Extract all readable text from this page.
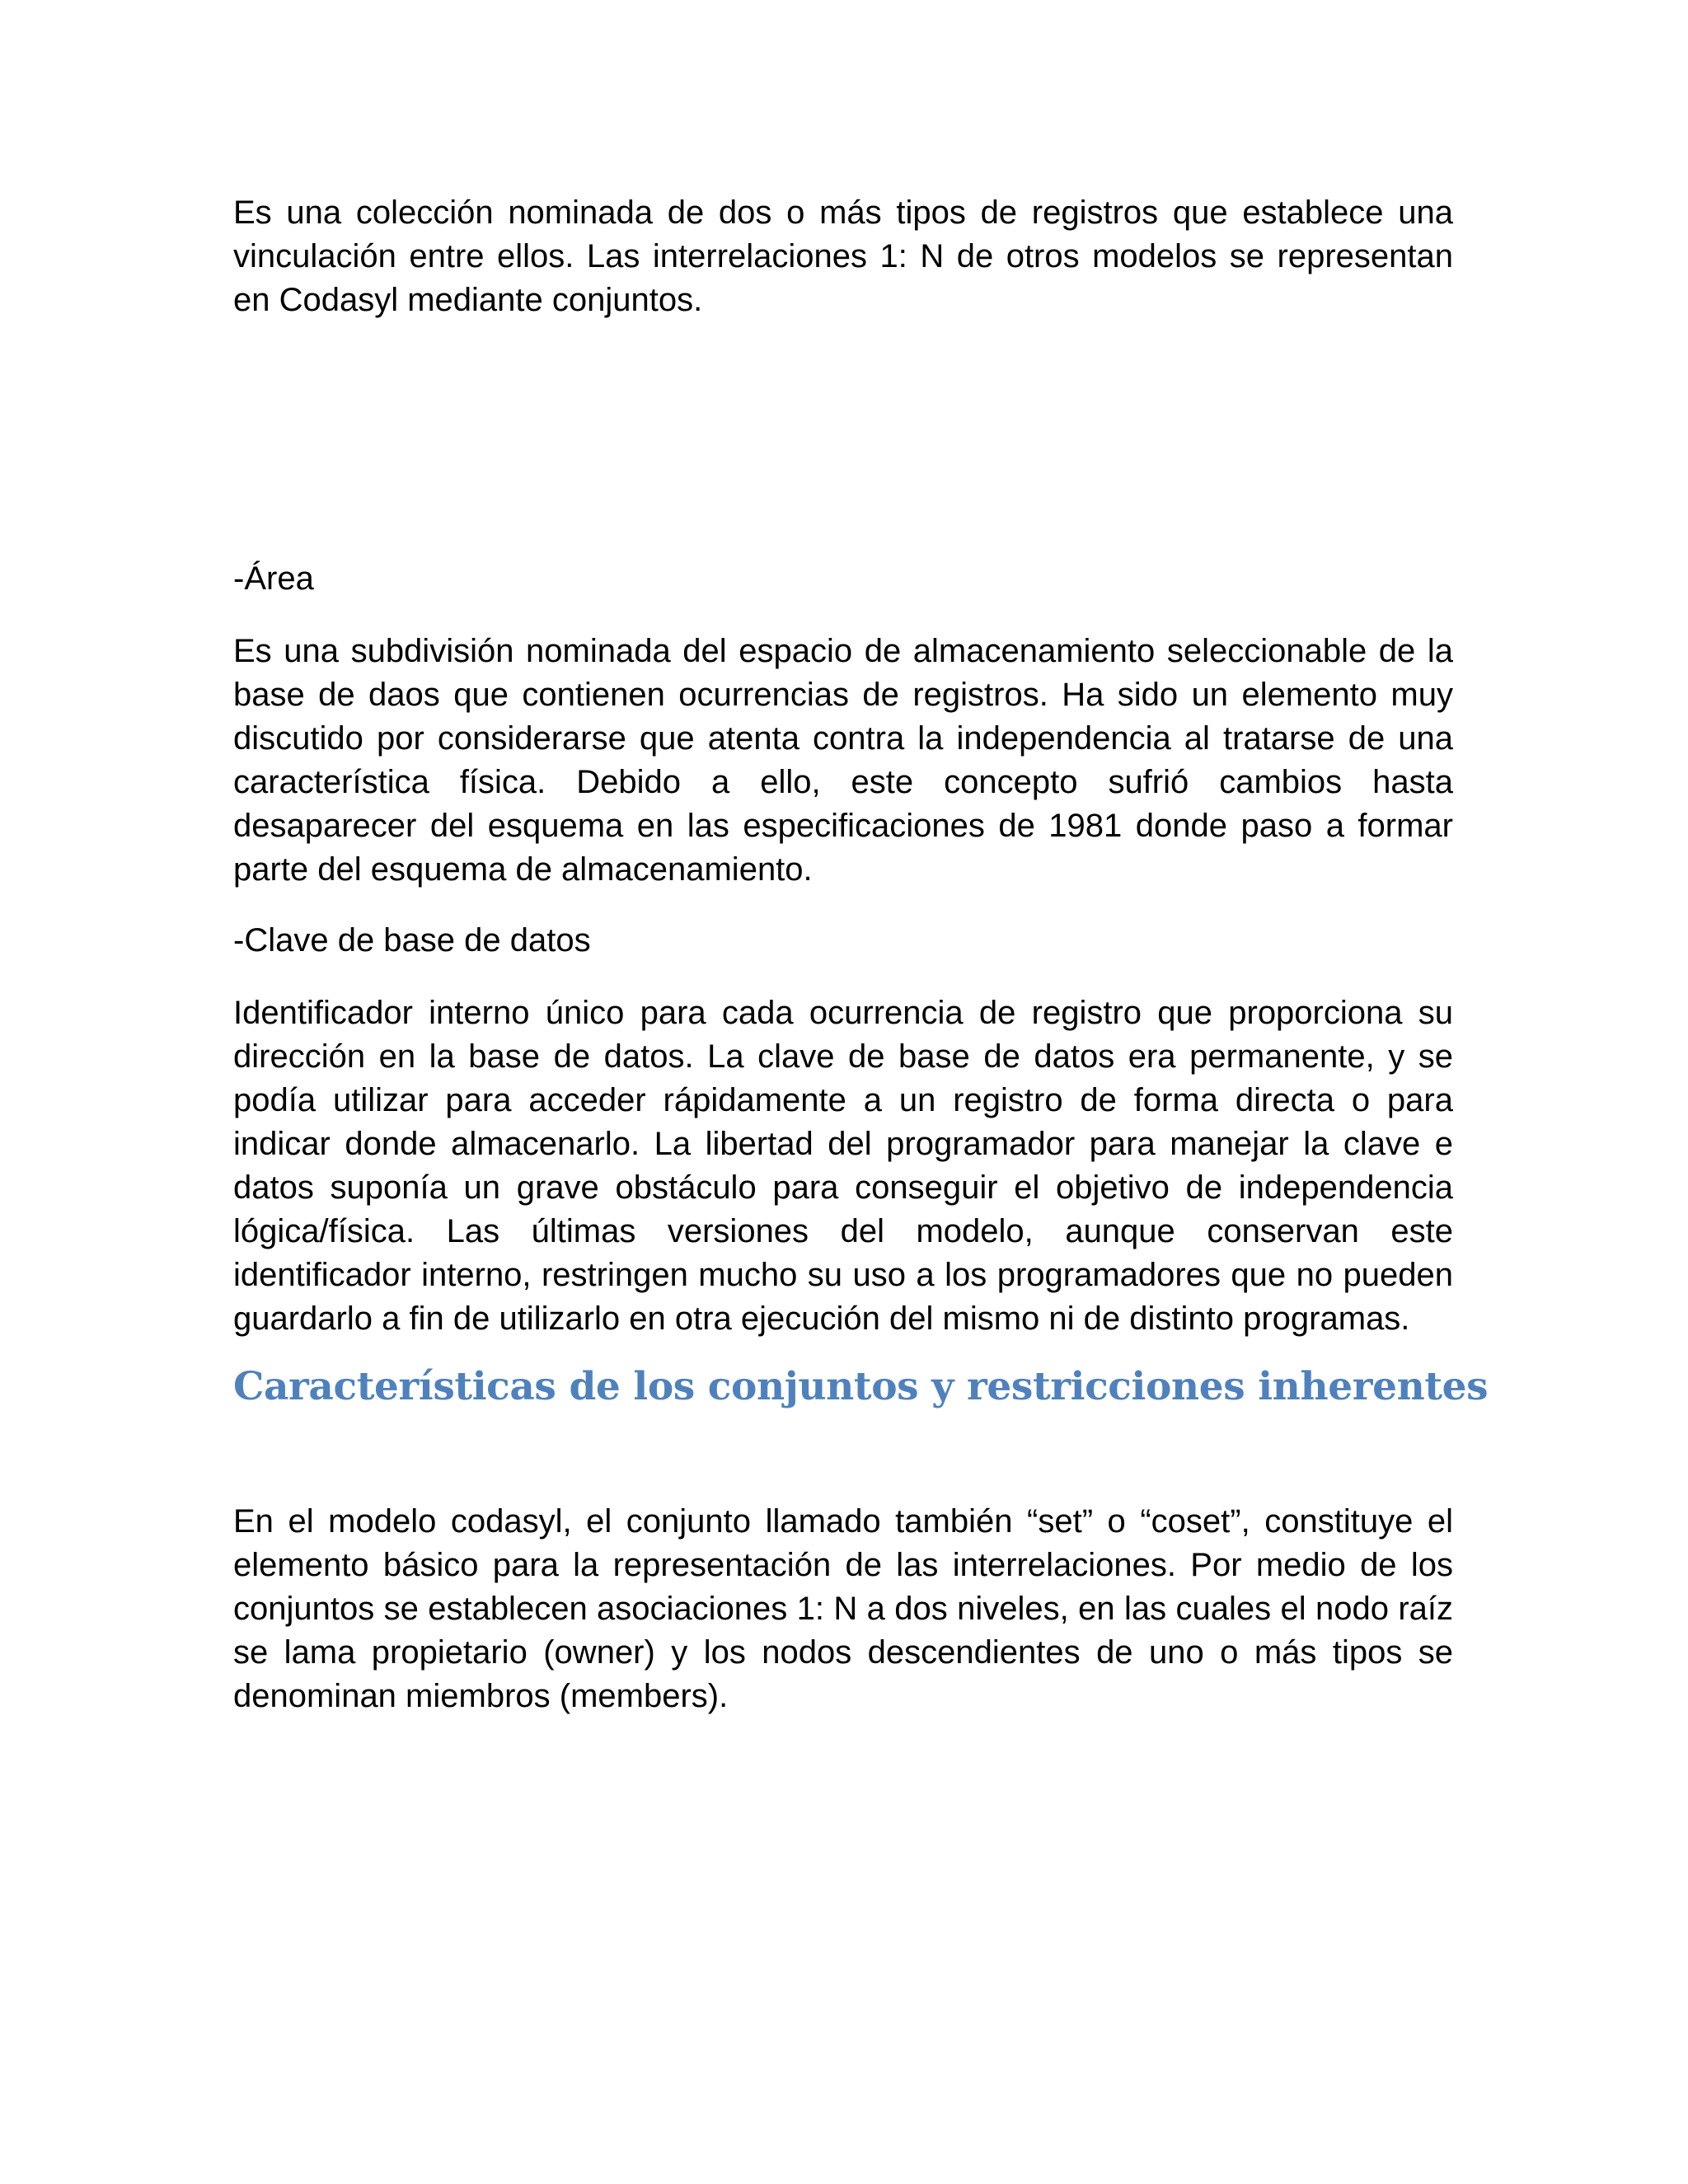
Es una colección nominada de dos o más tipos de registros que establece una vinculación entre ellos. Las interrelaciones 1: N de otros modelos se representan en Codasyl mediante conjuntos.

-Área

Es una subdivisión nominada del espacio de almacenamiento seleccionable de la base de daos que contienen ocurrencias de registros. Ha sido un elemento muy discutido por considerarse que atenta contra la independencia al tratarse de una característica física. Debido a ello, este concepto sufrió cambios hasta desaparecer del esquema en las especificaciones de 1981 donde paso a formar parte del esquema de almacenamiento.

-Clave de base de datos

Identificador interno único para cada ocurrencia de registro que proporciona su dirección en la base de datos. La clave de base de datos era permanente, y se podía utilizar para acceder rápidamente a un registro de forma directa o para indicar donde almacenarlo. La libertad del programador para manejar la clave e datos suponía un grave obstáculo para conseguir el objetivo de independencia lógica/física. Las últimas versiones del modelo, aunque conservan este identificador interno, restringen mucho su uso a los programadores que no pueden guardarlo a fin de utilizarlo en otra ejecución del mismo ni de distinto programas.

Características de los conjuntos y restricciones inherentes

En el modelo codasyl, el conjunto llamado también “set” o “coset”, constituye el elemento básico para la representación de las interrelaciones. Por medio de los conjuntos se establecen asociaciones 1: N a dos niveles, en las cuales el nodo raíz se lama propietario (owner) y los nodos descendientes de uno o más tipos se denominan miembros (members).
